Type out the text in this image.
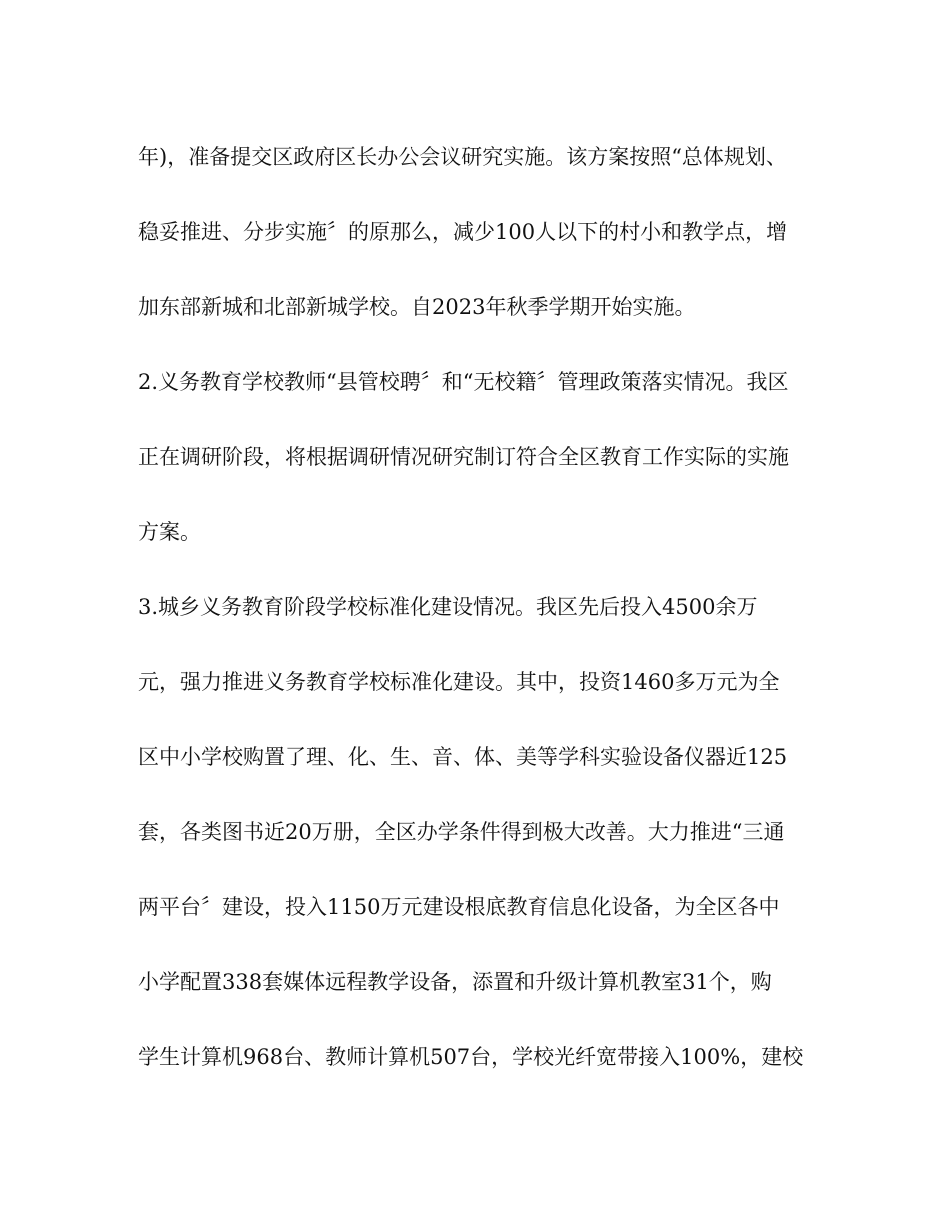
年)，准备提交区政府区长办公会议研究实施。该方案按照“总体规划、
稳妥推进、分步实施〞的原那么，减少100人以下的村小和教学点，增
加东部新城和北部新城学校。自2023年秋季学期开始实施。
2.义务教育学校教师“县管校聘〞和“无校籍〞管理政策落实情况。我区
正在调研阶段，将根据调研情况研究制订符合全区教育工作实际的实施
方案。
3.城乡义务教育阶段学校标准化建设情况。我区先后投入4500余万
元，强力推进义务教育学校标准化建设。其中，投资1460多万元为全
区中小学校购置了理、化、生、音、体、美等学科实验设备仪器近125
套，各类图书近20万册，全区办学条件得到极大改善。大力推进“三通
两平台〞建设，投入1150万元建设根底教育信息化设备，为全区各中
小学配置338套媒体远程教学设备，添置和升级计算机教室31个，购
学生计算机968台、教师计算机507台，学校光纤宽带接入100%，建校
